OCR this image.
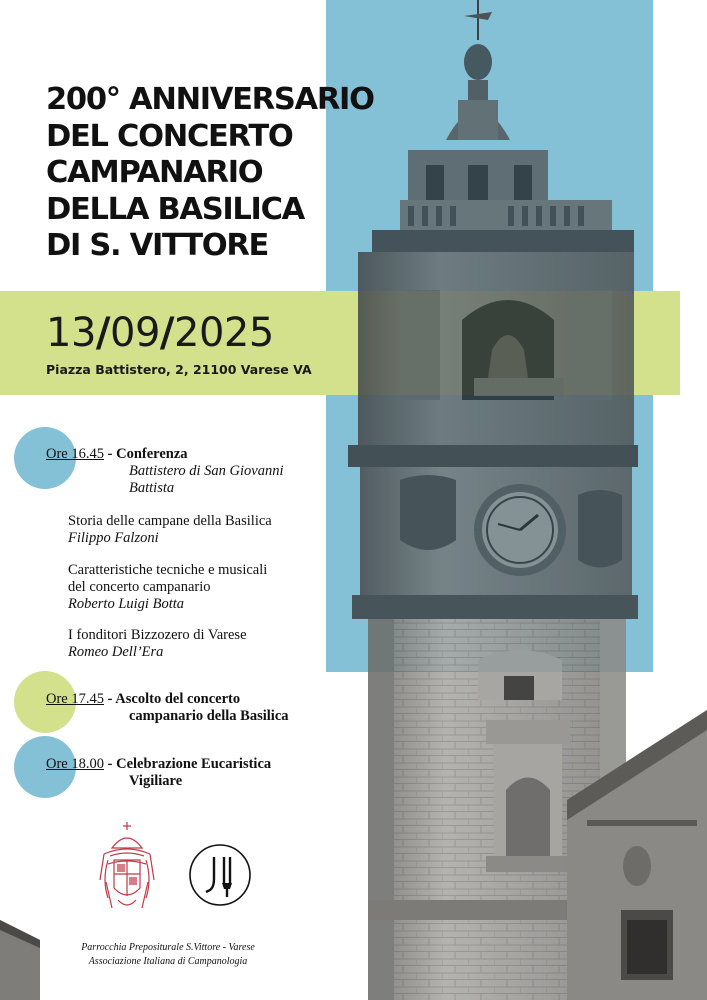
200° ANNIVERSARIO
DEL CONCERTO
CAMPANARIO
DELLA BASILICA
DI S. VITTORE
13/09/2025
Piazza Battistero, 2, 21100 Varese VA
Ore 16.45 - Conferenza
Battistero di San Giovanni
Battista
Storia delle campane della Basilica
Filippo Falzoni
Caratteristiche tecniche e musicali
del concerto campanario
Roberto Luigi Botta
I fonditori Bizzozero di Varese
Romeo Dell’Era
Ore 17.45 - Ascolto del concerto
campanario della Basilica
Ore 18.00 - Celebrazione Eucaristica
Vigiliare
Parrocchia Prepositurale S.Vittore - Varese
Associazione Italiana di Campanologia
